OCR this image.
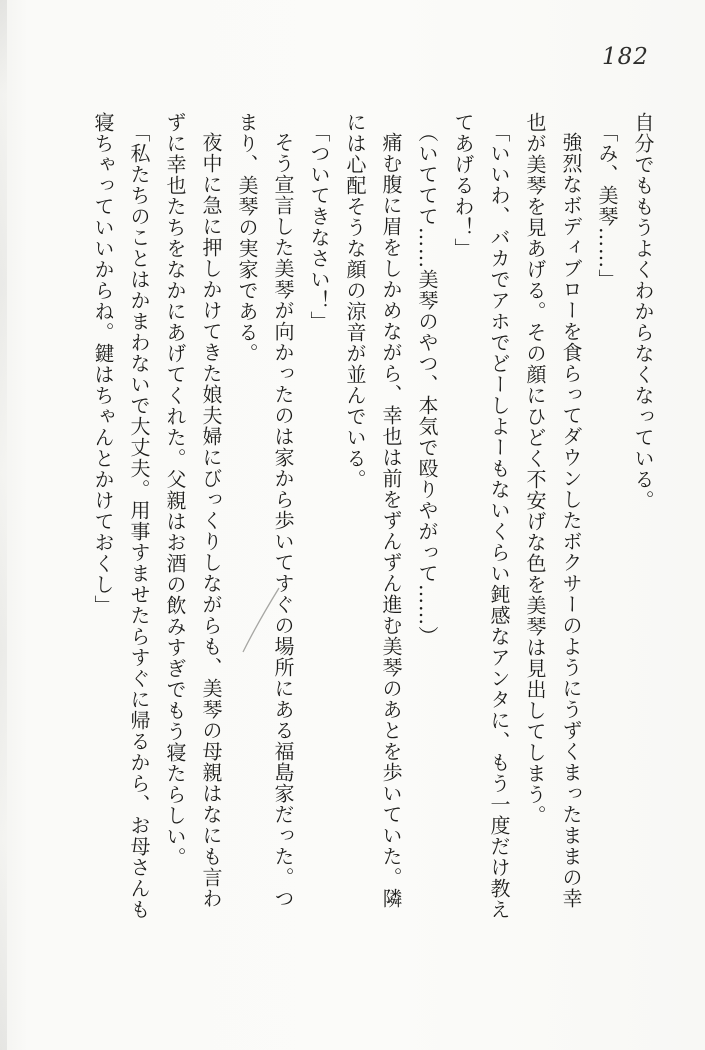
182
自分でももうよくわからなくなっている。
「み、美琴……」
強烈なボディブローを食らってダウンしたボクサーのようにうずくまったままの幸
也が美琴を見あげる。その顔にひどく不安げな色を美琴は見出してしまう。
「いいわ、バカでアホでどーしよーもないくらい鈍感なアンタに、もう一度だけ教え
てあげるわ！」
（いててて……美琴のやつ、本気で殴りやがって……）
痛む腹に眉をしかめながら、幸也は前をずんずん進む美琴のあとを歩いていた。隣
には心配そうな顔の涼音が並んでいる。
「ついてきなさい！」
そう宣言した美琴が向かったのは家から歩いてすぐの場所にある福島家だった。つ
まり、美琴の実家である。
夜中に急に押しかけてきた娘夫婦にびっくりしながらも、美琴の母親はなにも言わ
ずに幸也たちをなかにあげてくれた。父親はお酒の飲みすぎでもう寝たらしい。
「私たちのことはかまわないで大丈夫。用事すませたらすぐに帰るから、お母さんも
寝ちゃっていいからね。鍵はちゃんとかけておくし」
